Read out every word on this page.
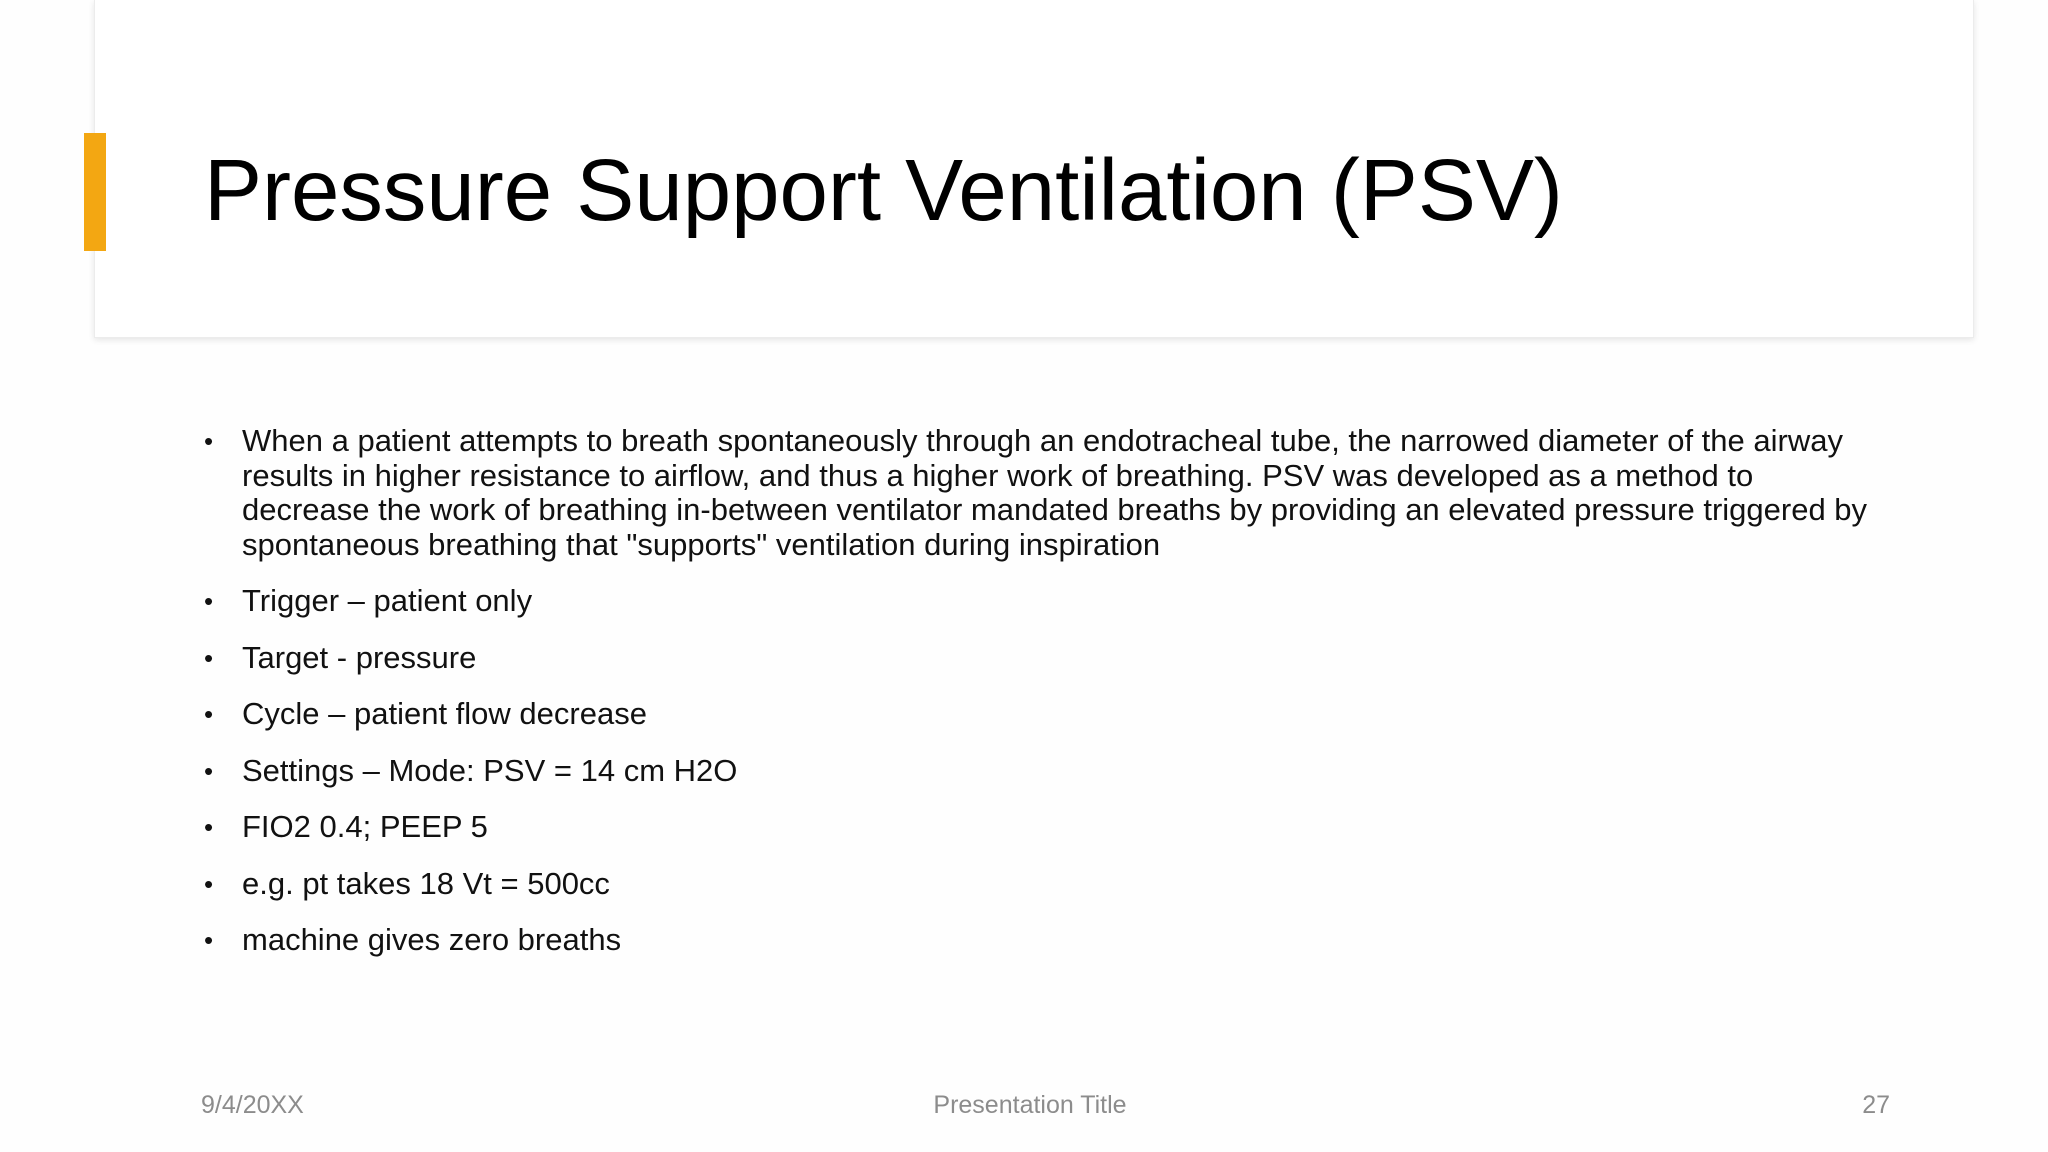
Pressure Support Ventilation (PSV)
• When a patient attempts to breath spontaneously through an endotracheal tube, the narrowed diameter of the airway results in higher resistance to airflow, and thus a higher work of breathing. PSV was developed as a method to decrease the work of breathing in-between ventilator mandated breaths by providing an elevated pressure triggered by spontaneous breathing that "supports" ventilation during inspiration
• Trigger – patient only
• Target - pressure
• Cycle – patient flow decrease
• Settings – Mode: PSV = 14 cm H2O
• FIO2 0.4; PEEP 5
• e.g. pt takes 18 Vt = 500cc
• machine gives zero breaths
9/4/20XX	Presentation Title	27
